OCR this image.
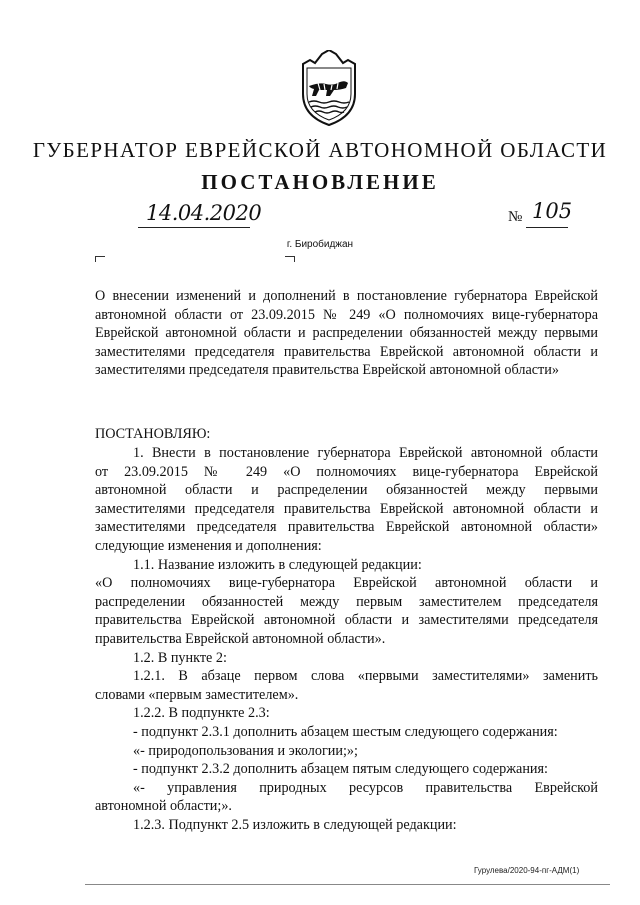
ГУБЕРНАТОР ЕВРЕЙСКОЙ АВТОНОМНОЙ ОБЛАСТИ
ПОСТАНОВЛЕНИЕ
14.04.2020	№ 105
г. Биробиджан
О внесении изменений и дополнений в постановление губернатора Еврейской автономной области от 23.09.2015 № 249 «О полномочиях вице-губернатора Еврейской автономной области и распределении обязанностей между первыми заместителями председателя правительства Еврейской автономной области и заместителями председателя правительства Еврейской автономной области»
ПОСТАНОВЛЯЮ:
1. Внести в постановление губернатора Еврейской автономной области
от 23.09.2015 № 249 «О полномочиях вице-губернатора Еврейской
автономной области и распределении обязанностей между первыми
заместителями председателя правительства Еврейской автономной области и
заместителями председателя правительства Еврейской автономной области»
следующие изменения и дополнения:
1.1. Название изложить в следующей редакции:
«О полномочиях вице-губернатора Еврейской автономной области и
распределении обязанностей между первым заместителем председателя
правительства Еврейской автономной области и заместителями председателя
правительства Еврейской автономной области».
1.2. В пункте 2:
1.2.1. В абзаце первом слова «первыми заместителями» заменить
словами «первым заместителем».
1.2.2. В подпункте 2.3:
- подпункт 2.3.1 дополнить абзацем шестым следующего содержания:
«- природопользования и экологии;»;
- подпункт 2.3.2 дополнить абзацем пятым следующего содержания:
«- управления природных ресурсов правительства Еврейской
автономной области;».
1.2.3. Подпункт 2.5 изложить в следующей редакции:
Гурулева/2020-94-пг-АДМ(1)
